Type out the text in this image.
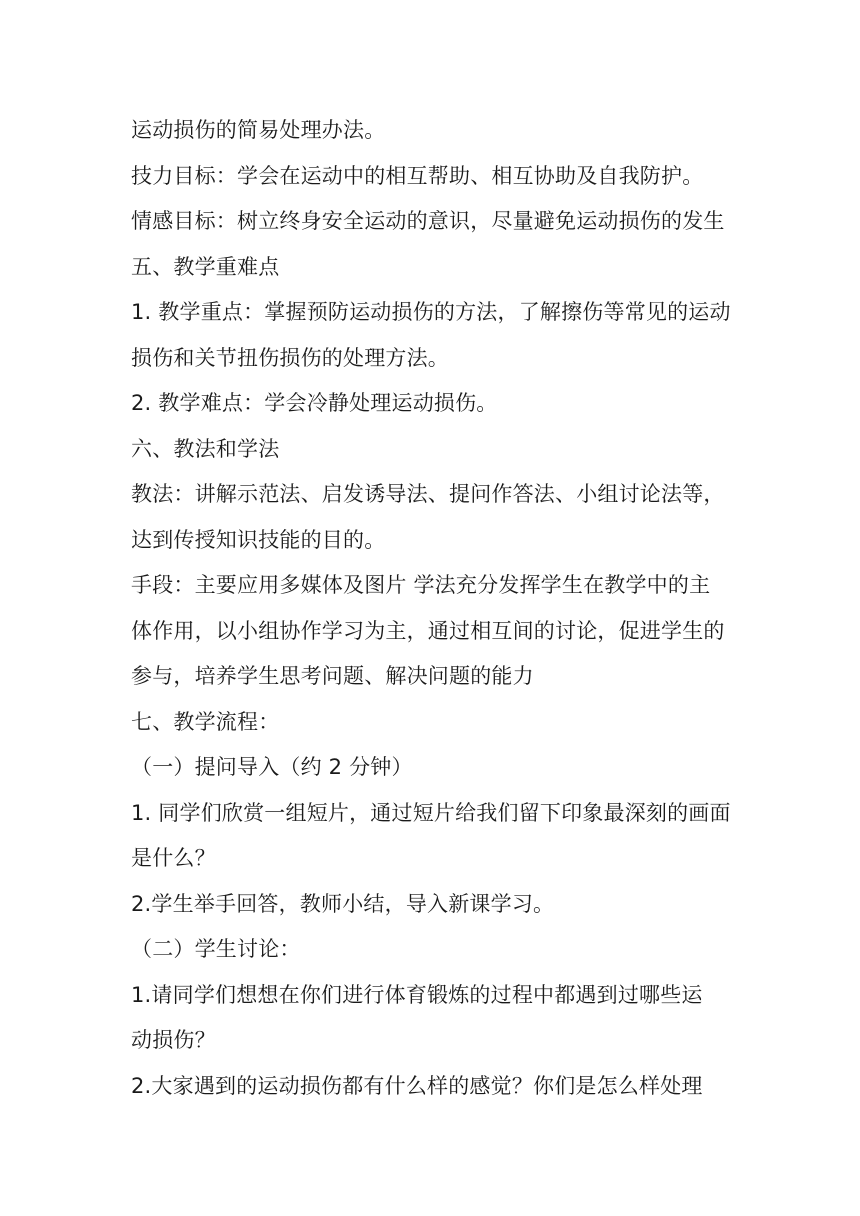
运动损伤的简易处理办法。
技力目标：学会在运动中的相互帮助、相互协助及自我防护。
情感目标：树立终身安全运动的意识，尽量避免运动损伤的发生
五、教学重难点
1. 教学重点：掌握预防运动损伤的方法，了解擦伤等常见的运动
损伤和关节扭伤损伤的处理方法。
2. 教学难点：学会冷静处理运动损伤。
六、教法和学法
教法：讲解示范法、启发诱导法、提问作答法、小组讨论法等，
达到传授知识技能的目的。
手段：主要应用多媒体及图片 学法充分发挥学生在教学中的主
体作用，以小组协作学习为主，通过相互间的讨论，促进学生的
参与，培养学生思考问题、解决问题的能力
七、教学流程：
（一）提问导入（约 2 分钟）
1. 同学们欣赏一组短片，通过短片给我们留下印象最深刻的画面
是什么？
2.学生举手回答，教师小结，导入新课学习。
（二）学生讨论：
1.请同学们想想在你们进行体育锻炼的过程中都遇到过哪些运
动损伤？
2.大家遇到的运动损伤都有什么样的感觉？你们是怎么样处理
